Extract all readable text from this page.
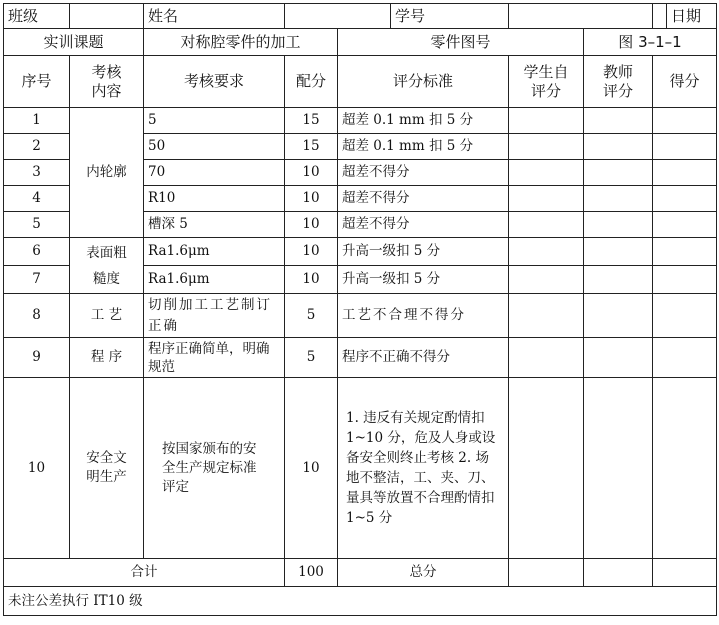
班级		姓名			学号				日期
实训课题		对称腔零件的加工		零件图号			图 3–1–1		
序号	考核内容	考核要求	配分	评分标准		学生自评分	教师评分	得分	
1	内轮廓	5	15	超差 0.1 mm 扣 5 分					
2		50	15	超差 0.1 mm 扣 5 分					
3		70	10	超差不得分					
4		R10	10	超差不得分					
5		槽深 5	10	超差不得分					
6	表面粗糙度	Ra1.6μm	10	升高一级扣 5 分					
7		Ra1.6μm	10	升高一级扣 5 分					
8	工 艺	切削加工工艺制订正确	5	工艺不合理不得分					
9	程 序	程序正确简单，明确规范	5	程序不正确不得分					
10	安全文明生产	按国家颁布的安全生产规定标准评定	10	1. 违反有关规定酌情扣 1~10 分，危及人身或设备安全则终止考核 2. 场地不整洁，工、夹、刀、量具等放置不合理酌情扣 1~5 分					
合计			100	总分					
未注公差执行 IT10 级									
